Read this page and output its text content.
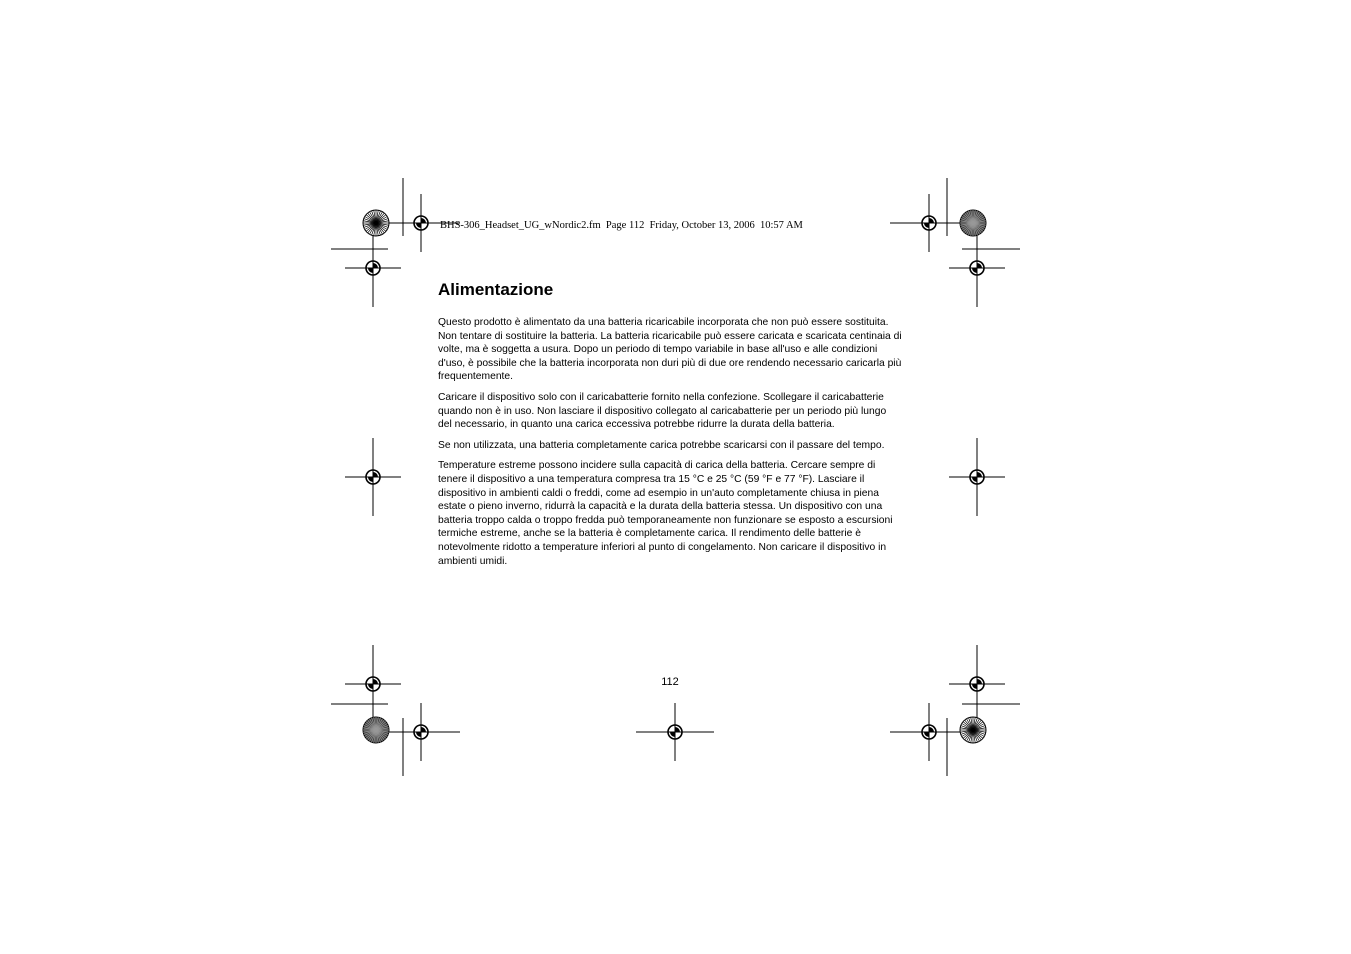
BHS-306_Headset_UG_wNordic2.fm  Page 112  Friday, October 13, 2006  10:57 AM
Alimentazione

Questo prodotto è alimentato da una batteria ricaricabile incorporata che non può essere sostituita. Non tentare di sostituire la batteria. La batteria ricaricabile può essere caricata e scaricata centinaia di volte, ma è soggetta a usura. Dopo un periodo di tempo variabile in base all'uso e alle condizioni d'uso, è possibile che la batteria incorporata non duri più di due ore rendendo necessario caricarla più frequentemente.

Caricare il dispositivo solo con il caricabatterie fornito nella confezione. Scollegare il caricabatterie quando non è in uso. Non lasciare il dispositivo collegato al caricabatterie per un periodo più lungo del necessario, in quanto una carica eccessiva potrebbe ridurre la durata della batteria.

Se non utilizzata, una batteria completamente carica potrebbe scaricarsi con il passare del tempo.

Temperature estreme possono incidere sulla capacità di carica della batteria. Cercare sempre di tenere il dispositivo a una temperatura compresa tra 15 °C e 25 °C (59 °F e 77 °F). Lasciare il dispositivo in ambienti caldi o freddi, come ad esempio in un'auto completamente chiusa in piena estate o pieno inverno, ridurrà la capacità e la durata della batteria stessa. Un dispositivo con una batteria troppo calda o troppo fredda può temporaneamente non funzionare se esposto a escursioni termiche estreme, anche se la batteria è completamente carica. Il rendimento delle batterie è notevolmente ridotto a temperature inferiori al punto di congelamento. Non caricare il dispositivo in ambienti umidi.

112
